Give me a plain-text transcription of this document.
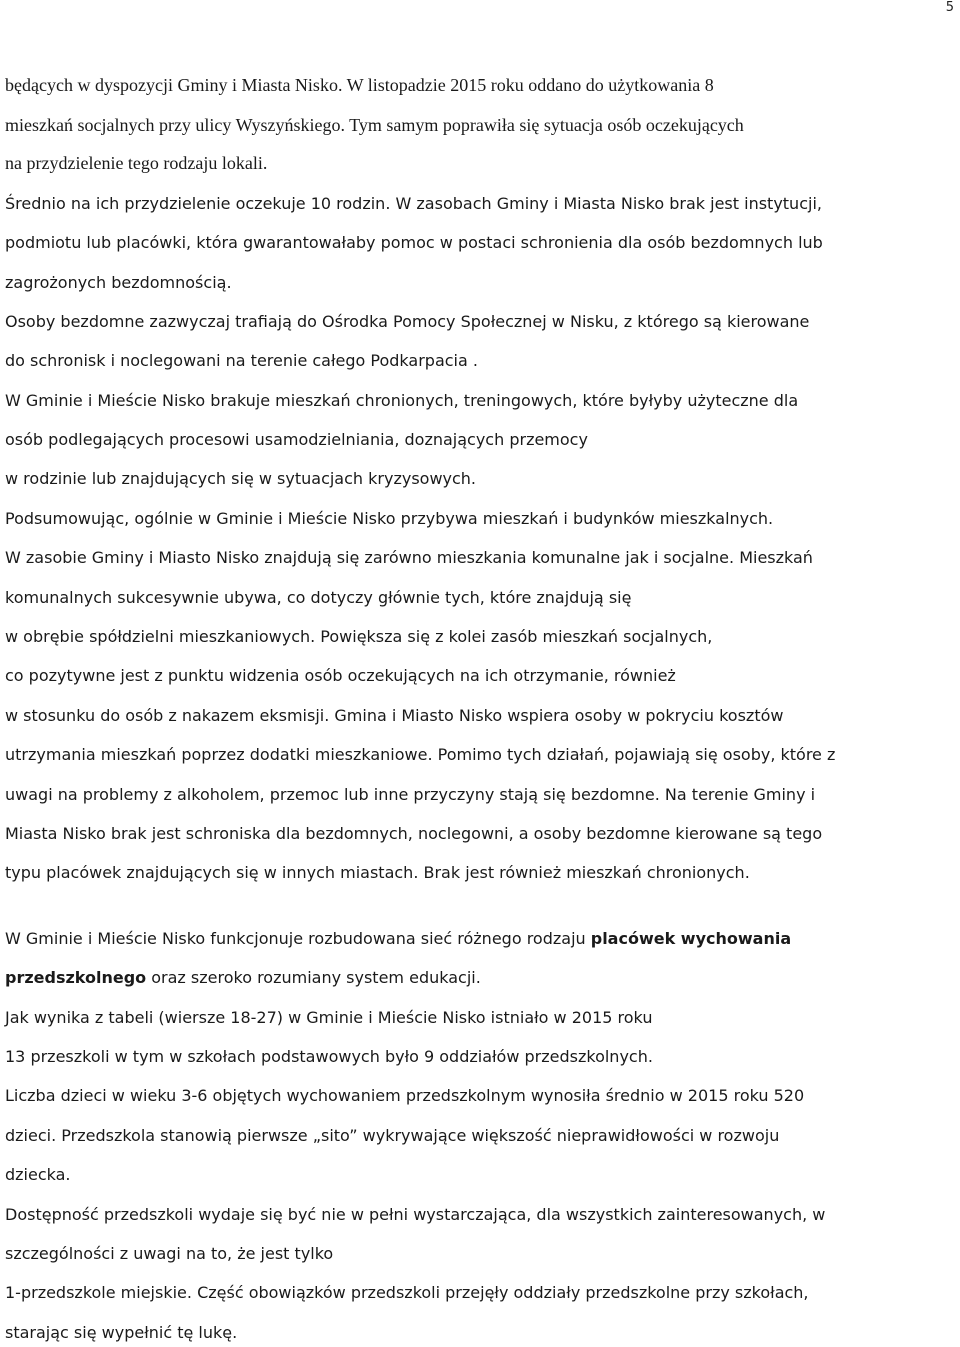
5
będących w dyspozycji Gminy i Miasta Nisko. W listopadzie 2015 roku oddano do użytkowania 8
mieszkań socjalnych przy ulicy Wyszyńskiego. Tym samym poprawiła się sytuacja osób oczekujących
na przydzielenie tego rodzaju lokali.
Średnio na ich przydzielenie oczekuje 10 rodzin. W zasobach Gminy i Miasta Nisko brak jest instytucji,
podmiotu lub placówki, która gwarantowałaby pomoc w postaci schronienia dla osób bezdomnych lub
zagrożonych bezdomnością.
Osoby bezdomne zazwyczaj trafiają do Ośrodka Pomocy Społecznej w Nisku, z którego są kierowane
do schronisk i noclegowani na terenie całego Podkarpacia .
W Gminie i Mieście Nisko brakuje mieszkań chronionych, treningowych, które byłyby użyteczne dla
osób podlegających procesowi usamodzielniania, doznających przemocy
w rodzinie lub znajdujących się w sytuacjach kryzysowych.
Podsumowując, ogólnie w Gminie i Mieście Nisko przybywa mieszkań i budynków mieszkalnych.
W zasobie Gminy i Miasto Nisko znajdują się zarówno mieszkania komunalne jak i socjalne. Mieszkań
komunalnych sukcesywnie ubywa, co dotyczy głównie tych, które znajdują się
w obrębie spółdzielni mieszkaniowych. Powiększa się z kolei zasób mieszkań socjalnych,
co pozytywne jest z punktu widzenia osób oczekujących na ich otrzymanie, również
w stosunku do osób z nakazem eksmisji. Gmina i Miasto Nisko wspiera osoby w pokryciu kosztów
utrzymania mieszkań poprzez dodatki mieszkaniowe. Pomimo tych działań, pojawiają się osoby, które z
uwagi na problemy z alkoholem, przemoc lub inne przyczyny stają się bezdomne. Na terenie Gminy i
Miasta Nisko brak jest schroniska dla bezdomnych, noclegowni, a osoby bezdomne kierowane są tego
typu placówek znajdujących się w innych miastach. Brak jest również mieszkań chronionych.
W Gminie i Mieście Nisko funkcjonuje rozbudowana sieć różnego rodzaju placówek wychowania
przedszkolnego oraz szeroko rozumiany system edukacji.
Jak wynika z tabeli (wiersze 18-27) w Gminie i Mieście Nisko istniało w 2015 roku
13 przeszkoli w tym w szkołach podstawowych było 9 oddziałów przedszkolnych.
Liczba dzieci w wieku 3-6 objętych wychowaniem przedszkolnym wynosiła średnio w 2015 roku 520
dzieci. Przedszkola stanowią pierwsze „sito” wykrywające większość nieprawidłowości w rozwoju
dziecka.
Dostępność przedszkoli wydaje się być nie w pełni wystarczająca, dla wszystkich zainteresowanych, w
szczególności z uwagi na to, że jest tylko
1-przedszkole miejskie. Część obowiązków przedszkoli przejęły oddziały przedszkolne przy szkołach,
starając się wypełnić tę lukę.
